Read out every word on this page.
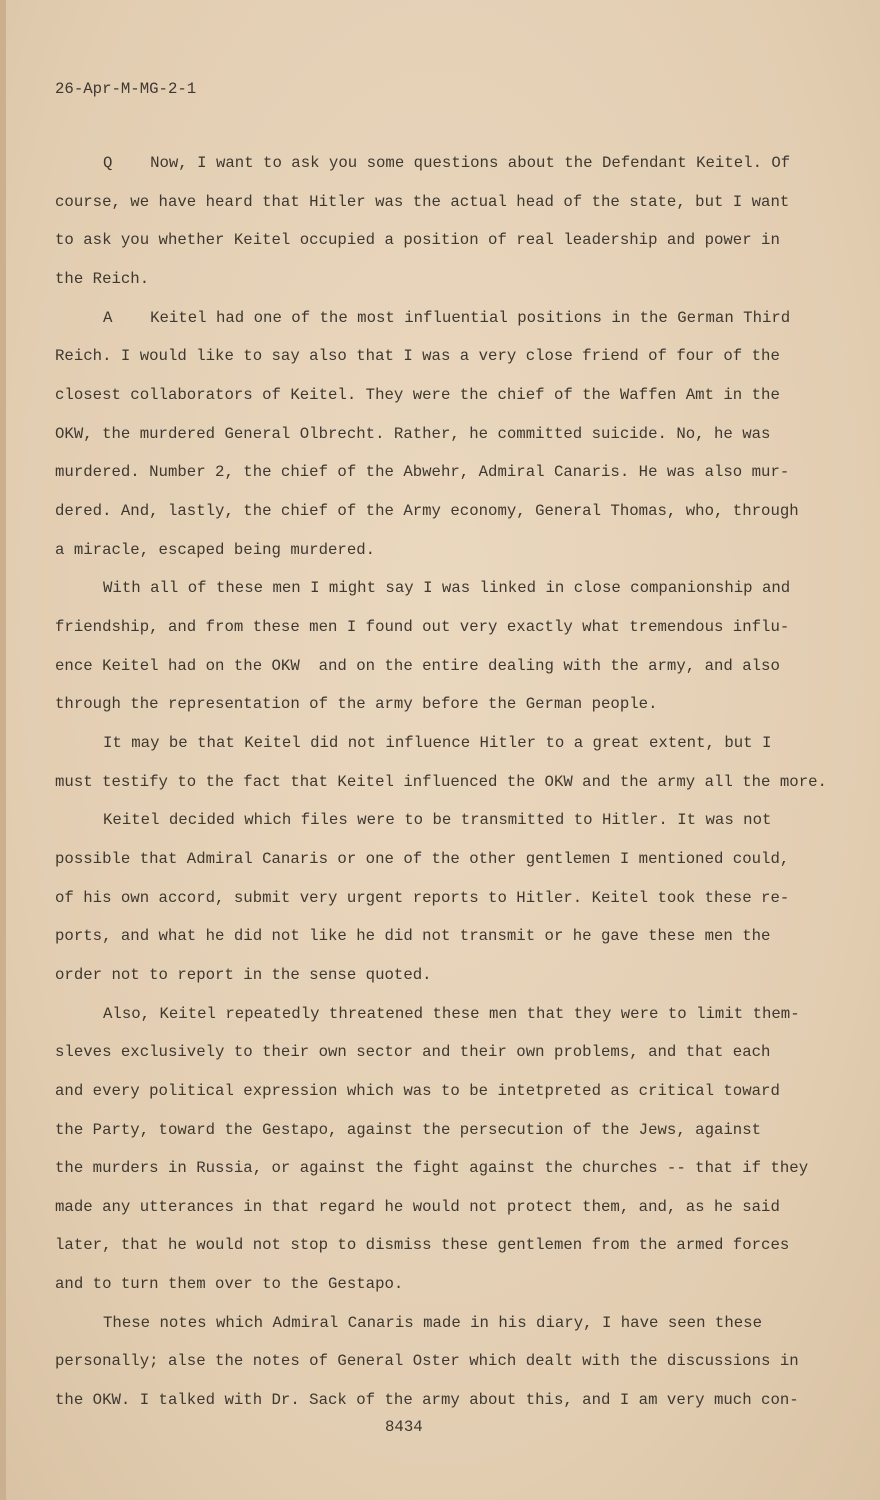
26-Apr-M-MG-2-1
Q    Now, I want to ask you some questions about the Defendant Keitel. Of
course, we have heard that Hitler was the actual head of the state, but I want
to ask you whether Keitel occupied a position of real leadership and power in
the Reich.
A    Keitel had one of the most influential positions in the German Third
Reich. I would like to say also that I was a very close friend of four of the
closest collaborators of Keitel. They were the chief of the Waffen Amt in the
OKW, the murdered General Olbrecht. Rather, he committed suicide. No, he was
murdered. Number 2, the chief of the Abwehr, Admiral Canaris. He was also mur-
dered. And, lastly, the chief of the Army economy, General Thomas, who, through
a miracle, escaped being murdered.
With all of these men I might say I was linked in close companionship and
friendship, and from these men I found out very exactly what tremendous influ-
ence Keitel had on the OKW  and on the entire dealing with the army, and also
through the representation of the army before the German people.
It may be that Keitel did not influence Hitler to a great extent, but I
must testify to the fact that Keitel influenced the OKW and the army all the more.
Keitel decided which files were to be transmitted to Hitler. It was not
possible that Admiral Canaris or one of the other gentlemen I mentioned could,
of his own accord, submit very urgent reports to Hitler. Keitel took these re-
ports, and what he did not like he did not transmit or he gave these men the
order not to report in the sense quoted.
Also, Keitel repeatedly threatened these men that they were to limit them-
sleves exclusively to their own sector and their own problems, and that each
and every political expression which was to be intetpreted as critical toward
the Party, toward the Gestapo, against the persecution of the Jews, against
the murders in Russia, or against the fight against the churches -- that if they
made any utterances in that regard he would not protect them, and, as he said
later, that he would not stop to dismiss these gentlemen from the armed forces
and to turn them over to the Gestapo.
These notes which Admiral Canaris made in his diary, I have seen these
personally; alse the notes of General Oster which dealt with the discussions in
the OKW. I talked with Dr. Sack of the army about this, and I am very much con-
8434
